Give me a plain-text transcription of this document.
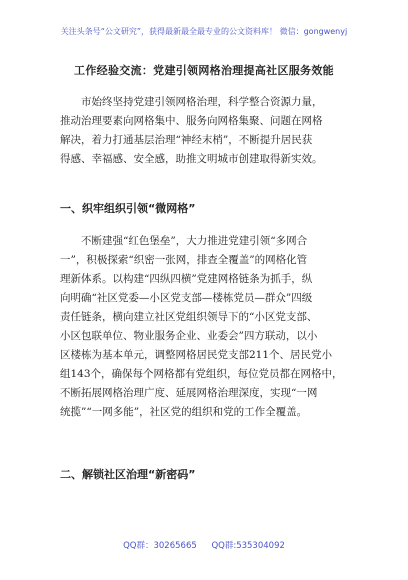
关注头条号“公文研究”，获得最新最全最专业的公文资料库！ 微信：gongwenyj
工作经验交流：党建引领网格治理提高社区服务效能
市始终坚持党建引领网格治理，科学整合资源力量，
推动治理要素向网格集中、服务向网格集聚、问题在网格
解决，着力打通基层治理“神经末梢”，不断提升居民获
得感、幸福感、安全感，助推文明城市创建取得新实效。
一、织牢组织引领“微网格”
不断建强“红色堡垒”，大力推进党建引领“多网合
一”，积极探索“织密一张网，排查全覆盖”的网格化管
理新体系。以构建“四纵四横”党建网格链条为抓手，纵
向明确“社区党委—小区党支部—楼栋党员—群众”四级
责任链条，横向建立社区党组织领导下的“小区党支部、
小区包联单位、物业服务企业、业委会”四方联动，以小
区楼栋为基本单元，调整网格居民党支部211个、居民党小
组143个，确保每个网格都有党组织，每位党员都在网格中，
不断拓展网格治理广度、延展网格治理深度，实现“一网
统揽”“一网多能”，社区党的组织和党的工作全覆盖。
二、解锁社区治理“新密码”
QQ群：30265665 QQ群:535304092
